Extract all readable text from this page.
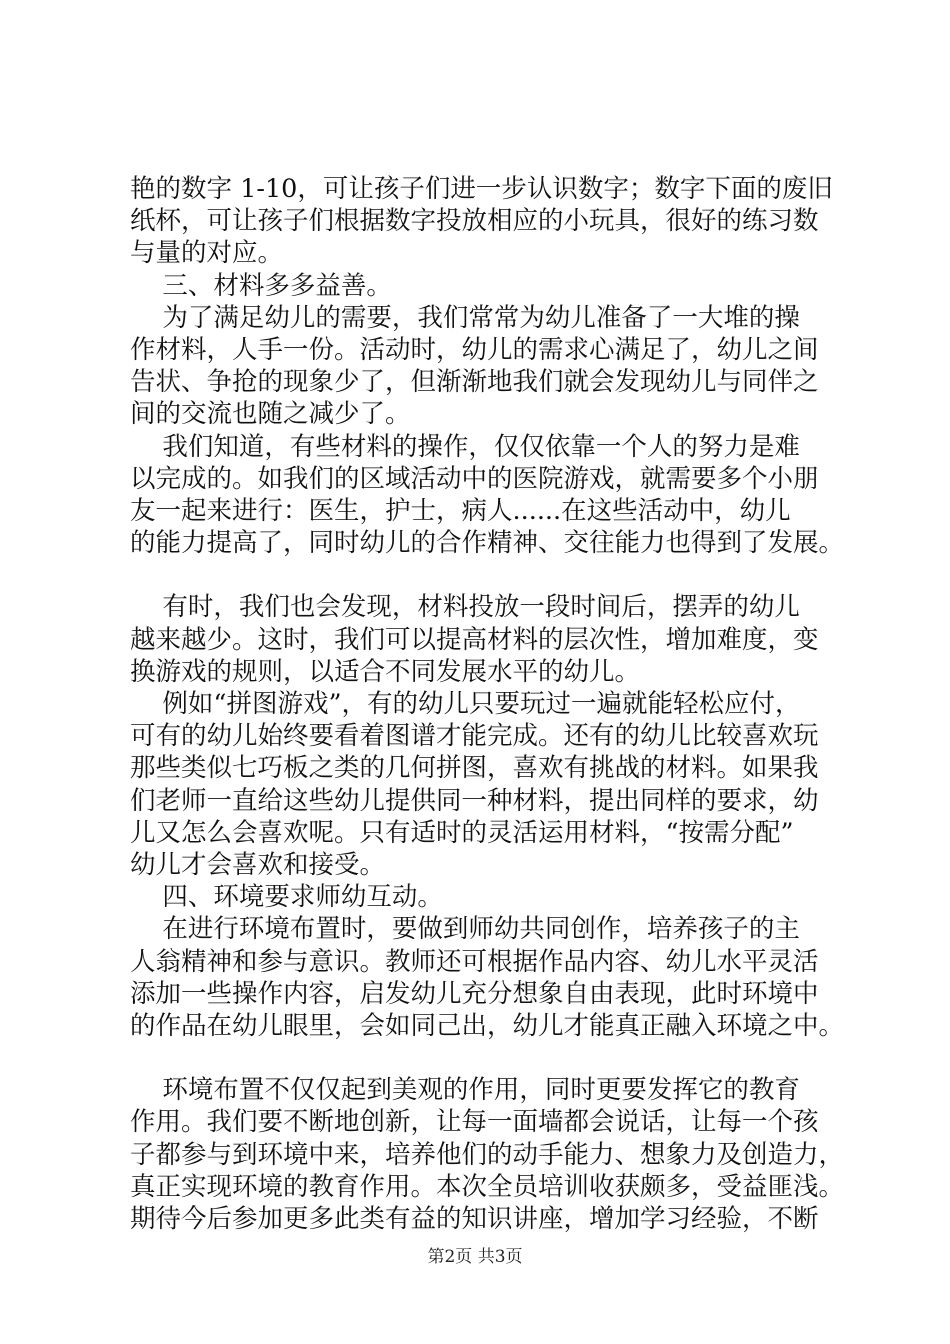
艳的数字 1-10，可让孩子们进一步认识数字；数字下面的废旧
纸杯，可让孩子们根据数字投放相应的小玩具，很好的练习数
与量的对应。
三、材料多多益善。
为了满足幼儿的需要，我们常常为幼儿准备了一大堆的操
作材料，人手一份。活动时，幼儿的需求心满足了，幼儿之间
告状、争抢的现象少了，但渐渐地我们就会发现幼儿与同伴之
间的交流也随之减少了。
我们知道，有些材料的操作，仅仅依靠一个人的努力是难
以完成的。如我们的区域活动中的医院游戏，就需要多个小朋
友一起来进行：医生，护士，病人......在这些活动中，幼儿
的能力提高了，同时幼儿的合作精神、交往能力也得到了发展。
有时，我们也会发现，材料投放一段时间后，摆弄的幼儿
越来越少。这时，我们可以提高材料的层次性，增加难度，变
换游戏的规则，以适合不同发展水平的幼儿。
例如“拼图游戏”，有的幼儿只要玩过一遍就能轻松应付，
可有的幼儿始终要看着图谱才能完成。还有的幼儿比较喜欢玩
那些类似七巧板之类的几何拼图，喜欢有挑战的材料。如果我
们老师一直给这些幼儿提供同一种材料，提出同样的要求，幼
儿又怎么会喜欢呢。只有适时的灵活运用材料，“按需分配”
幼儿才会喜欢和接受。
四、环境要求师幼互动。
在进行环境布置时，要做到师幼共同创作，培养孩子的主
人翁精神和参与意识。教师还可根据作品内容、幼儿水平灵活
添加一些操作内容，启发幼儿充分想象自由表现，此时环境中
的作品在幼儿眼里，会如同己出，幼儿才能真正融入环境之中。
环境布置不仅仅起到美观的作用，同时更要发挥它的教育
作用。我们要不断地创新，让每一面墙都会说话，让每一个孩
子都参与到环境中来，培养他们的动手能力、想象力及创造力，
真正实现环境的教育作用。本次全员培训收获颇多，受益匪浅。
期待今后参加更多此类有益的知识讲座，增加学习经验，不断
第2页 共3页
